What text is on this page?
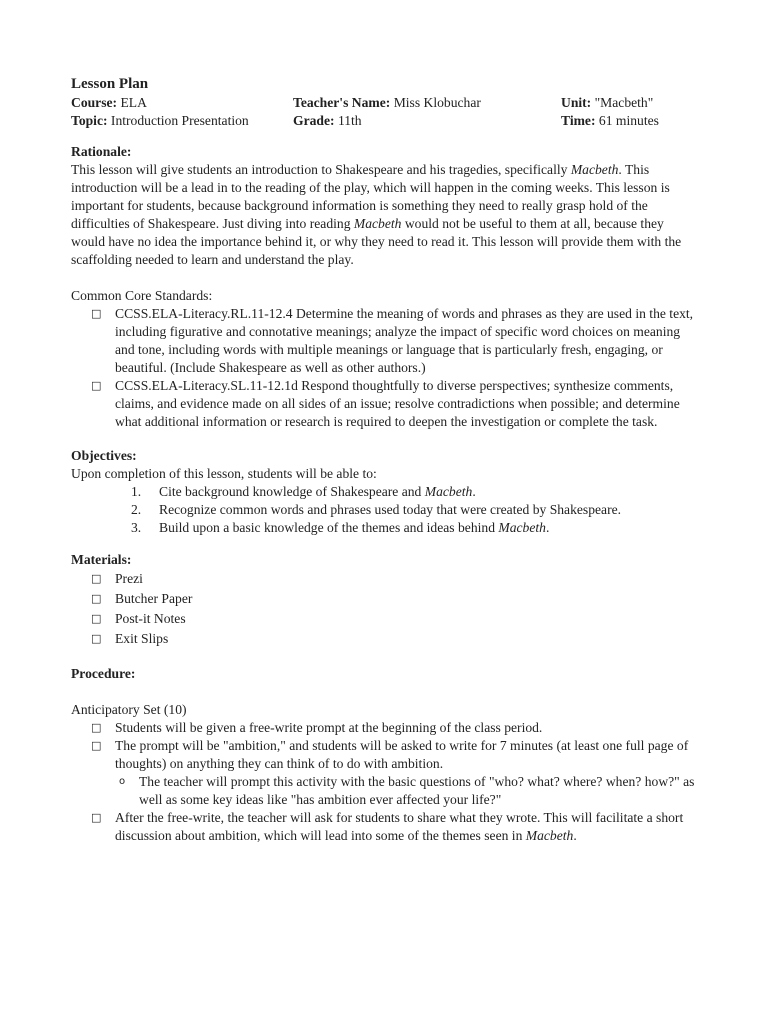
Lesson Plan
Course: ELA	Teacher's Name: Miss Klobuchar	Unit: "Macbeth"
Topic: Introduction Presentation	Grade: 11th	Time: 61 minutes
Rationale:

This lesson will give students an introduction to Shakespeare and his tragedies, specifically Macbeth. This introduction will be a lead in to the reading of the play, which will happen in the coming weeks. This lesson is important for students, because background information is something they need to really grasp hold of the difficulties of Shakespeare. Just diving into reading Macbeth would not be useful to them at all, because they would have no idea the importance behind it, or why they need to read it. This lesson will provide them with the scaffolding needed to learn and understand the play.

Common Core Standards:
□ CCSS.ELA-Literacy.RL.11-12.4 Determine the meaning of words and phrases as they are used in the text, including figurative and connotative meanings; analyze the impact of specific word choices on meaning and tone, including words with multiple meanings or language that is particularly fresh, engaging, or beautiful. (Include Shakespeare as well as other authors.)
□ CCSS.ELA-Literacy.SL.11-12.1d Respond thoughtfully to diverse perspectives; synthesize comments, claims, and evidence made on all sides of an issue; resolve contradictions when possible; and determine what additional information or research is required to deepen the investigation or complete the task.
Objectives:

Upon completion of this lesson, students will be able to:

1. Cite background knowledge of Shakespeare and Macbeth.
2. Recognize common words and phrases used today that were created by Shakespeare.
3. Build upon a basic knowledge of the themes and ideas behind Macbeth.
Materials:
□ Prezi
□ Butcher Paper
□ Post-it Notes
□ Exit Slips
Procedure:
Anticipatory Set (10)
□ Students will be given a free-write prompt at the beginning of the class period.
□ The prompt will be "ambition," and students will be asked to write for 7 minutes (at least one full page of thoughts) on anything they can think of to do with ambition.
o The teacher will prompt this activity with the basic questions of "who? what? where? when? how?" as well as some key ideas like "has ambition ever affected your life?"
□ After the free-write, the teacher will ask for students to share what they wrote. This will facilitate a short discussion about ambition, which will lead into some of the themes seen in Macbeth.
